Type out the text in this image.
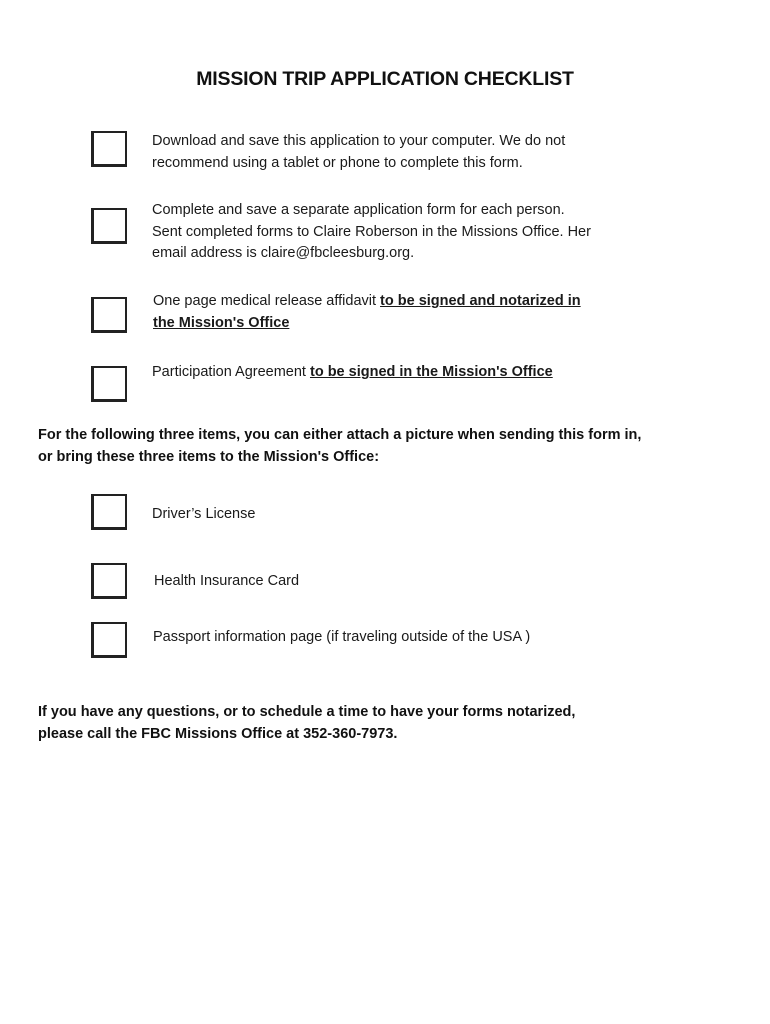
MISSION TRIP APPLICATION CHECKLIST
Download and save this application to your computer. We do not
recommend using a tablet or phone to complete this form.
Complete and save a separate application form for each person.
Sent completed forms to Claire Roberson in the Missions Office. Her
email address is claire@fbcleesburg.org.
One page medical release affidavit to be signed and notarized in
the Mission's Office
Participation Agreement to be signed in the Mission's Office
For the following three items, you can either attach a picture when sending this form in,
or bring these three items to the Mission's Office:
Driver’s License
Health Insurance Card
Passport information page (if traveling outside of the USA )
If you have any questions, or to schedule a time to have your forms notarized,
please call the FBC Missions Office at 352-360-7973.
